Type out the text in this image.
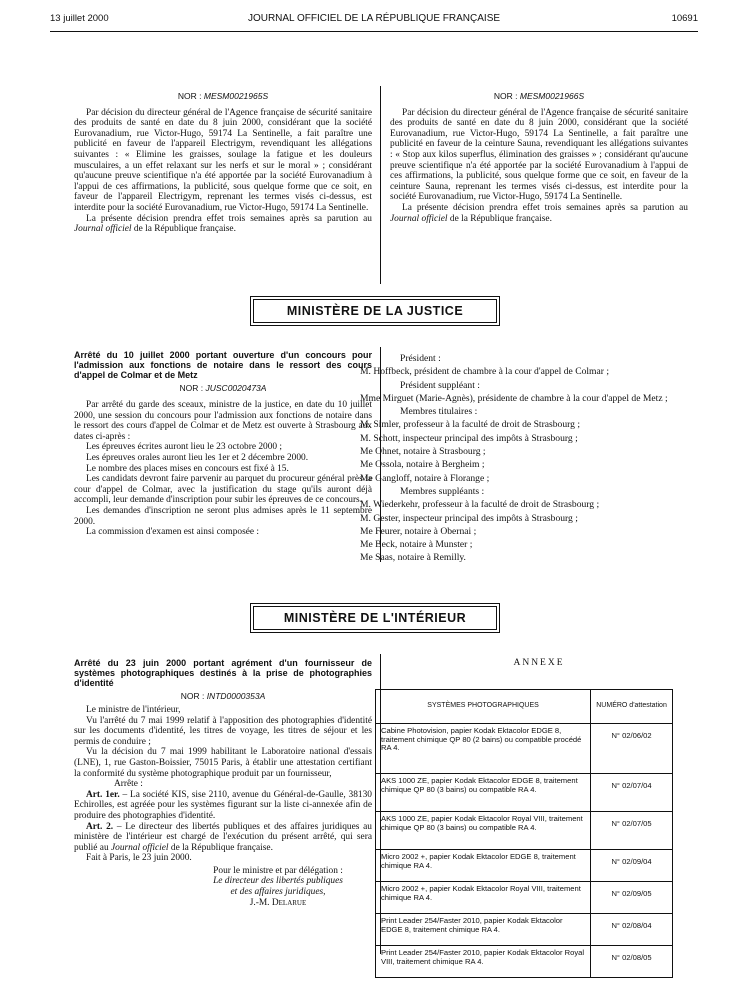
13 juillet 2000	JOURNAL OFFICIEL DE LA RÉPUBLIQUE FRANÇAISE	10691

NOR : MESM0021965S

Par décision du directeur général de l'Agence française de sécurité sanitaire des produits de santé en date du 8 juin 2000, considérant que la société Eurovanadium, rue Victor-Hugo, 59174 La Sentinelle, a fait paraître une publicité en faveur de l'appareil Electrigym, revendiquant les allégations suivantes : « Elimine les graisses, soulage la fatigue et les douleurs musculaires, a un effet relaxant sur les nerfs et sur le moral » ; considérant qu'aucune preuve scientifique n'a été apportée par la société Eurovanadium à l'appui de ces affirmations, la publicité, sous quelque forme que ce soit, en faveur de l'appareil Electrigym, reprenant les termes visés ci-dessus, est interdite pour la société Eurovanadium, rue Victor-Hugo, 59174 La Sentinelle.

La présente décision prendra effet trois semaines après sa parution au Journal officiel de la République française.

NOR : MESM0021966S

Par décision du directeur général de l'Agence française de sécurité sanitaire des produits de santé en date du 8 juin 2000, considérant que la société Eurovanadium, rue Victor-Hugo, 59174 La Sentinelle, a fait paraître une publicité en faveur de la ceinture Sauna, revendiquant les allégations suivantes : « Stop aux kilos superflus, élimination des graisses » ; considérant qu'aucune preuve scientifique n'a été apportée par la société Eurovanadium à l'appui de ces affirmations, la publicité, sous quelque forme que ce soit, en faveur de la ceinture Sauna, reprenant les termes visés ci-dessus, est interdite pour la société Eurovanadium, rue Victor-Hugo, 59174 La Sentinelle.

La présente décision prendra effet trois semaines après sa parution au Journal officiel de la République française.

MINISTÈRE DE LA JUSTICE
Arrêté du 10 juillet 2000 portant ouverture d'un concours pour l'admission aux fonctions de notaire dans le ressort des cours d'appel de Colmar et de Metz

NOR : JUSC0020473A

Par arrêté du garde des sceaux, ministre de la justice, en date du 10 juillet 2000, une session du concours pour l'admission aux fonctions de notaire dans le ressort des cours d'appel de Colmar et de Metz est ouverte à Strasbourg aux dates ci-après :

Les épreuves écrites auront lieu le 23 octobre 2000 ;

Les épreuves orales auront lieu les 1er et 2 décembre 2000.

Le nombre des places mises en concours est fixé à 15.

Les candidats devront faire parvenir au parquet du procureur général près la cour d'appel de Colmar, avec la justification du stage qu'ils auront déjà accompli, leur demande d'inscription pour subir les épreuves de ce concours.

Les demandes d'inscription ne seront plus admises après le 11 septembre 2000.

La commission d'examen est ainsi composée :

Président :

M. Hoffbeck, président de chambre à la cour d'appel de Colmar ;

Président suppléant :

Mme Mirguet (Marie-Agnès), présidente de chambre à la cour d'appel de Metz ;

Membres titulaires :

M. Simler, professeur à la faculté de droit de Strasbourg ;

M. Schott, inspecteur principal des impôts à Strasbourg ;

Me Ohnet, notaire à Strasbourg ;

Me Ossola, notaire à Bergheim ;

Me Gangloff, notaire à Florange ;

Membres suppléants :

M. Wiederkehr, professeur à la faculté de droit de Strasbourg ;

M. Gester, inspecteur principal des impôts à Strasbourg ;

Me Feurer, notaire à Obernai ;

Me Beck, notaire à Munster ;

Me Saas, notaire à Remilly.

MINISTÈRE DE L'INTÉRIEUR
Arrêté du 23 juin 2000 portant agrément d'un fournisseur de systèmes photographiques destinés à la prise de photographies d'identité

NOR : INTD0000353A

Le ministre de l'intérieur,

Vu l'arrêté du 7 mai 1999 relatif à l'apposition des photographies d'identité sur les documents d'identité, les titres de voyage, les titres de séjour et les permis de conduire ;

Vu la décision du 7 mai 1999 habilitant le Laboratoire national d'essais (LNE), 1, rue Gaston-Boissier, 75015 Paris, à établir une attestation certifiant la conformité du système photographique produit par un fournisseur,

Arrête :

Art. 1er. – La société KIS, sise 2110, avenue du Général-de-Gaulle, 38130 Echirolles, est agréée pour les systèmes figurant sur la liste ci-annexée afin de produire des photographies d'identité.

Art. 2. – Le directeur des libertés publiques et des affaires juridiques au ministère de l'intérieur est chargé de l'exécution du présent arrêté, qui sera publié au Journal officiel de la République française.

Fait à Paris, le 23 juin 2000.

Pour le ministre et par délégation :
Le directeur des libertés publiques
et des affaires juridiques,
J.-M. Delarue
ANNEXE
SYSTÈMES PHOTOGRAPHIQUES	NUMÉRO d'attestation
Cabine Photovision, papier Kodak Ektacolor EDGE 8, traitement chimique QP 80 (2 bains) ou compatible procédé RA 4.	N° 02/06/02
AKS 1000 ZE, papier Kodak Ektacolor EDGE 8, traitement chimique QP 80 (3 bains) ou compatible RA 4.	N° 02/07/04
AKS 1000 ZE, papier Kodak Ektacolor Royal VIII, traitement chimique QP 80 (3 bains) ou compatible RA 4.	N° 02/07/05
Micro 2002 +, papier Kodak Ektacolor EDGE 8, traitement chimique RA 4.	N° 02/09/04
Micro 2002 +, papier Kodak Ektacolor Royal VIII, traitement chimique RA 4.	N° 02/09/05
Print Leader 254/Faster 2010, papier Kodak Ektacolor EDGE 8, traitement chimique RA 4.	N° 02/08/04
Print Leader 254/Faster 2010, papier Kodak Ektacolor Royal VIII, traitement chimique RA 4.	N° 02/08/05
